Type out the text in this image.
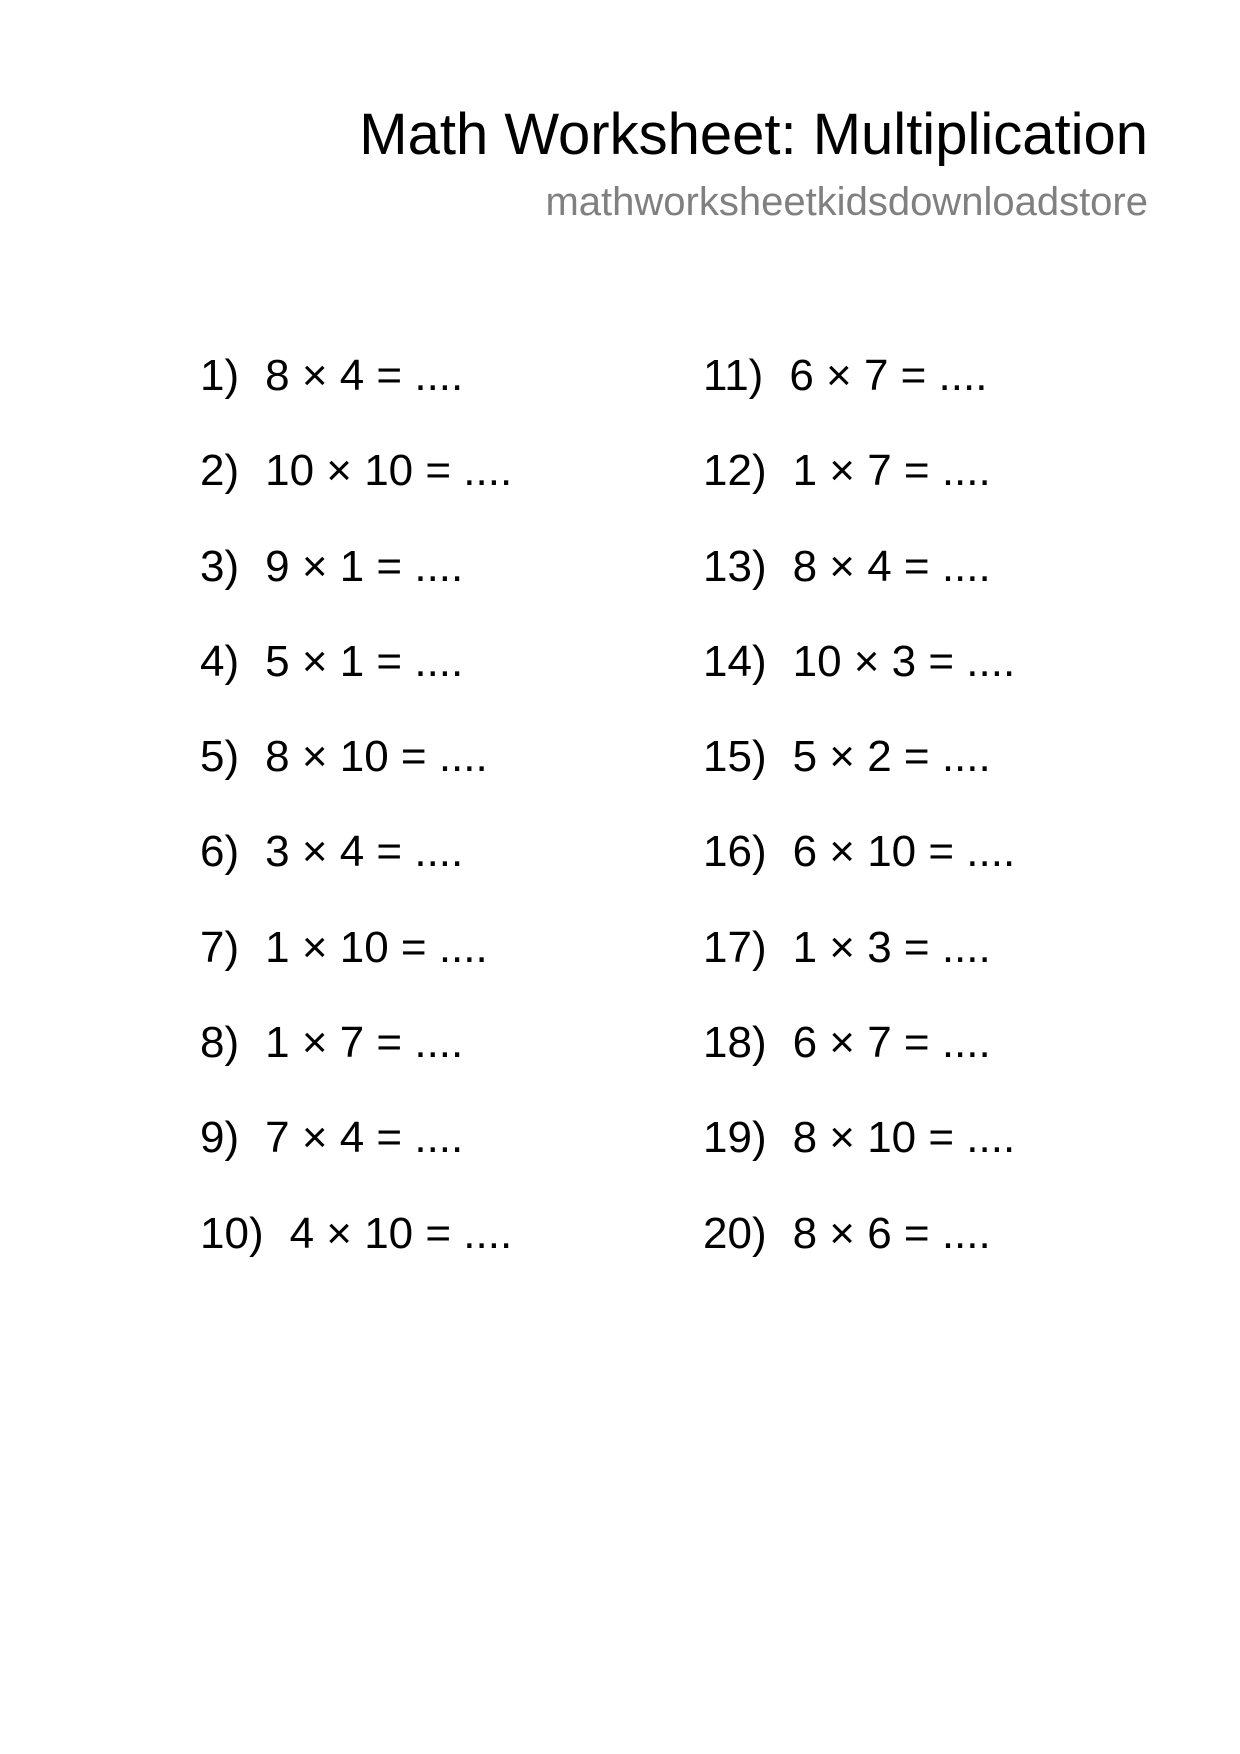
Math Worksheet: Multiplication
mathworksheetkidsdownloadstore
1) 8 × 4 = ....
2) 10 × 10 = ....
3) 9 × 1 = ....
4) 5 × 1 = ....
5) 8 × 10 = ....
6) 3 × 4 = ....
7) 1 × 10 = ....
8) 1 × 7 = ....
9) 7 × 4 = ....
10) 4 × 10 = ....
11) 6 × 7 = ....
12) 1 × 7 = ....
13) 8 × 4 = ....
14) 10 × 3 = ....
15) 5 × 2 = ....
16) 6 × 10 = ....
17) 1 × 3 = ....
18) 6 × 7 = ....
19) 8 × 10 = ....
20) 8 × 6 = ....
